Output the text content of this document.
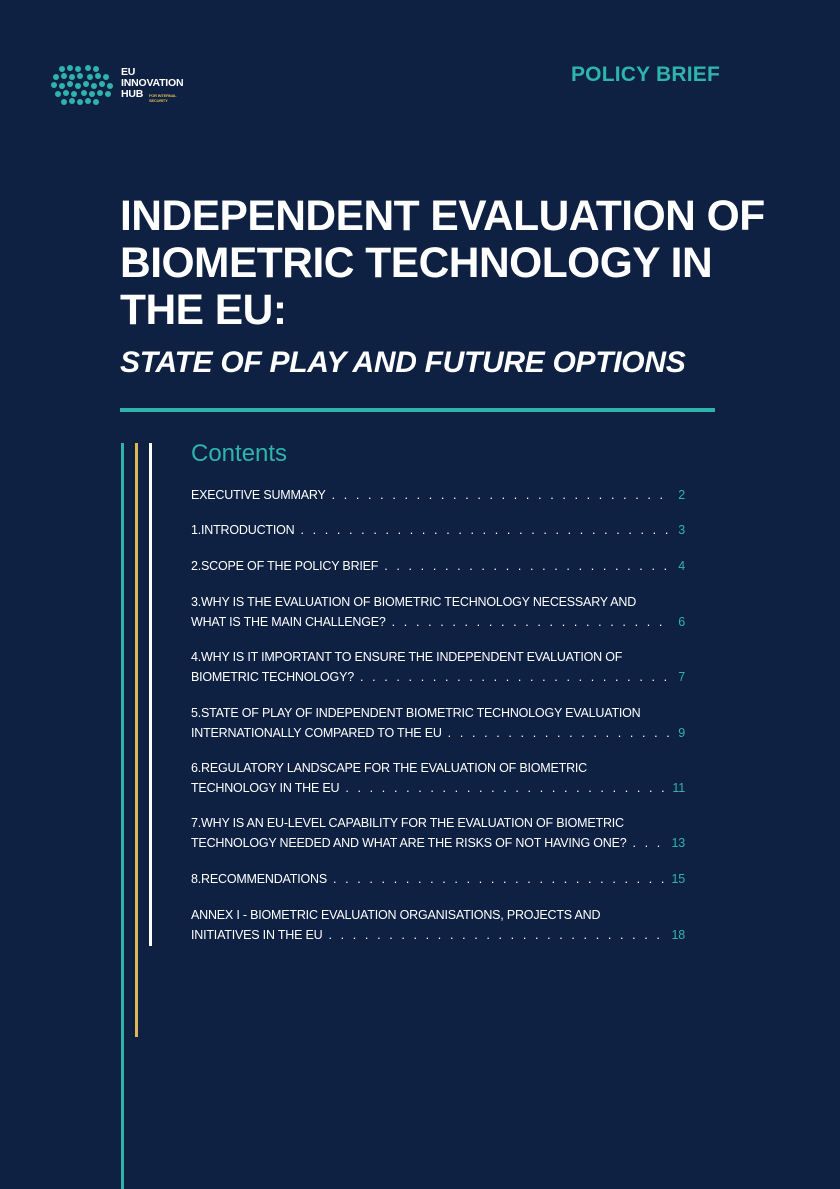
EU
INNOVATION
HUB	FOR INTERNAL SECURITY
POLICY BRIEF
INDEPENDENT EVALUATION OF BIOMETRIC TECHNOLOGY IN THE EU:
STATE OF PLAY AND FUTURE OPTIONS
Contents
EXECUTIVE SUMMARY . . .	2
1.INTRODUCTION . . .	3
2.SCOPE OF THE POLICY BRIEF . . .	4
3.WHY IS THE EVALUATION OF BIOMETRIC TECHNOLOGY NECESSARY AND
WHAT IS THE MAIN CHALLENGE? . . .	6
4.WHY IS IT IMPORTANT TO ENSURE THE INDEPENDENT EVALUATION OF
BIOMETRIC TECHNOLOGY? . . .	7
5.STATE OF PLAY OF INDEPENDENT BIOMETRIC TECHNOLOGY EVALUATION
INTERNATIONALLY COMPARED TO THE EU . . .	9
6.REGULATORY LANDSCAPE FOR THE EVALUATION OF BIOMETRIC
TECHNOLOGY IN THE EU . . .	11
7.WHY IS AN EU-LEVEL CAPABILITY FOR THE EVALUATION OF BIOMETRIC
TECHNOLOGY NEEDED AND WHAT ARE THE RISKS OF NOT HAVING ONE? . . .	13
8.RECOMMENDATIONS . . .	15
ANNEX I - BIOMETRIC EVALUATION ORGANISATIONS, PROJECTS AND
INITIATIVES IN THE EU . . .	18
